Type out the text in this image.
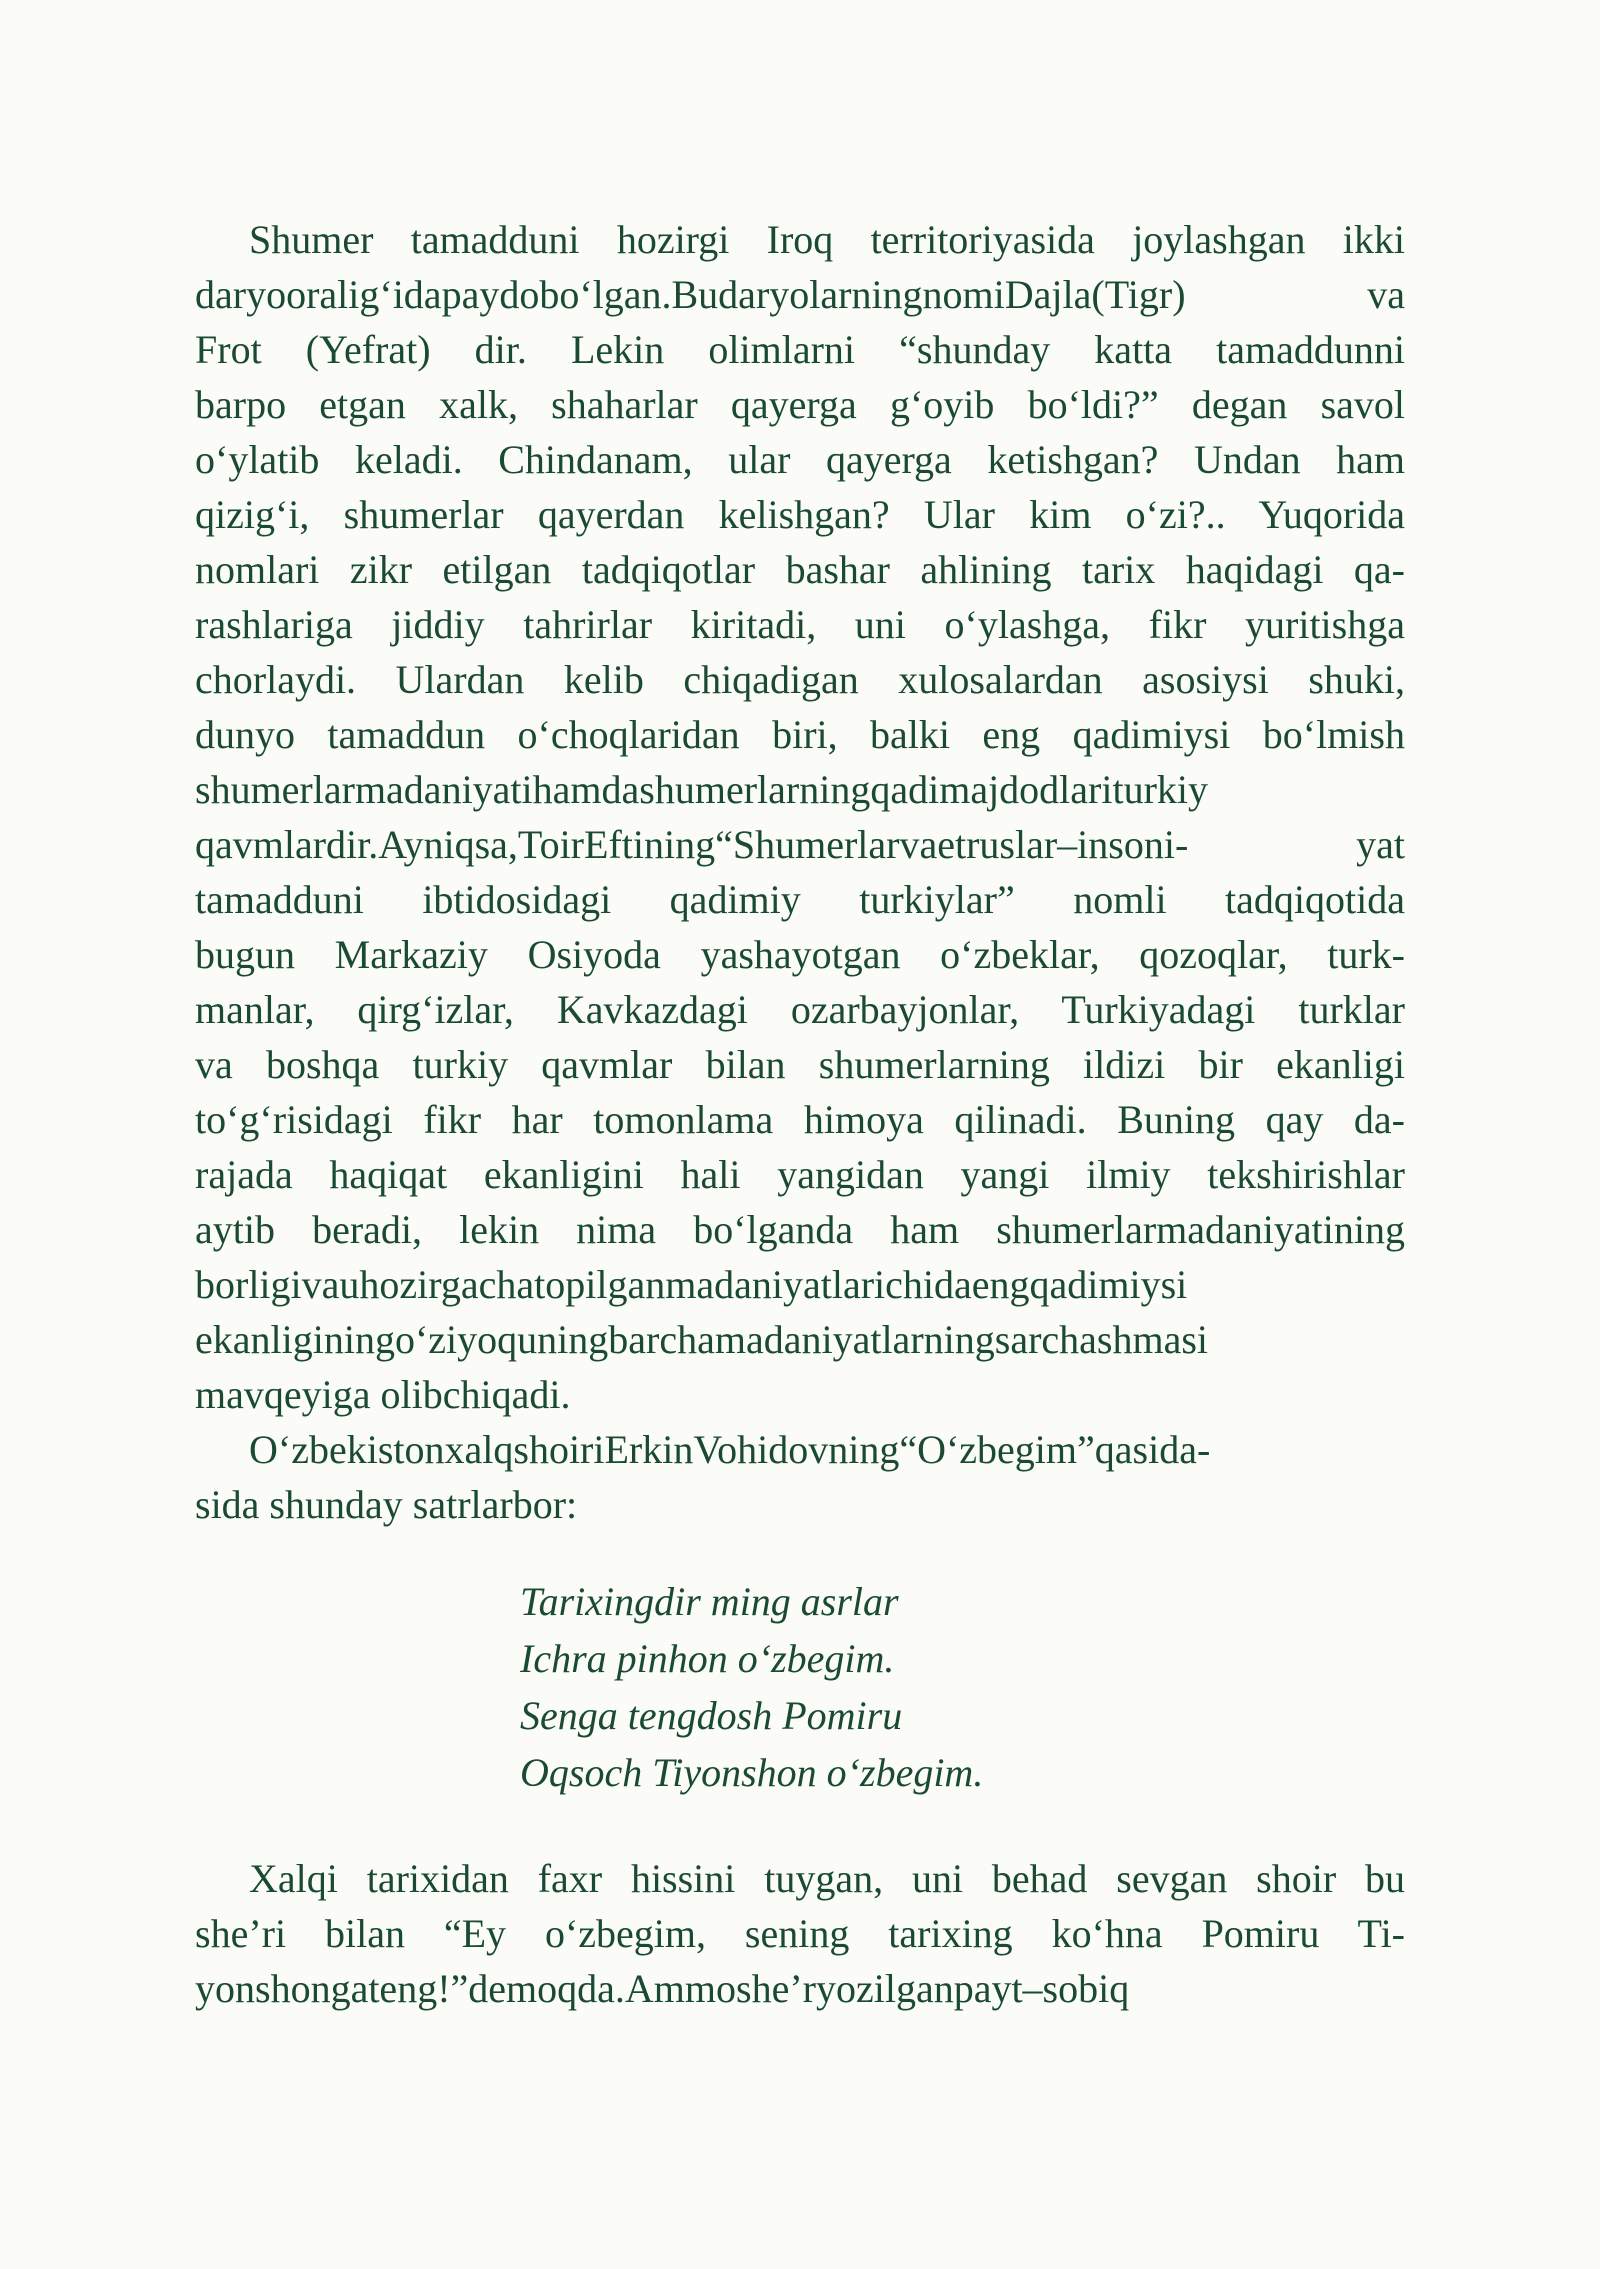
Shumer tamadduni hozirgi Iroq territoriyasida joylashgan ikki
daryooralig‘idapaydobo‘lgan.BudaryolarningnomiDajla(Tigr) va
Frot (Yefrat) dir. Lekin olimlarni “shunday katta tamaddunni
barpo etgan xalk, shaharlar qayerga g‘oyib bo‘ldi?” degan savol
o‘ylatib keladi. Chindanam, ular qayerga ketishgan? Undan ham
qizig‘i, shumerlar qayerdan kelishgan? Ular kim o‘zi?.. Yuqorida
nomlari zikr etilgan tadqiqotlar bashar ahlining tarix haqidagi qa-
rashlariga jiddiy tahrirlar kiritadi, uni o‘ylashga, fikr yuritishga
chorlaydi. Ulardan kelib chiqadigan xulosalardan asosiysi shuki,
dunyo tamaddun o‘choqlaridan biri, balki eng qadimiysi bo‘lmish
shumerlarmadaniyatihamdashumerlarningqadimajdodlariturkiy
qavmlardir.Ayniqsa,ToirEftining“Shumerlarvaetruslar–insoni- yat
tamadduni ibtidosidagi qadimiy turkiylar” nomli tadqiqotida
bugun Markaziy Osiyoda yashayotgan o‘zbeklar, qozoqlar, turk-
manlar, qirg‘izlar, Kavkazdagi ozarbayjonlar, Turkiyadagi turklar
va boshqa turkiy qavmlar bilan shumerlarning ildizi bir ekanligi
to‘g‘risidagi fikr har tomonlama himoya qilinadi. Buning qay da-
rajada haqiqat ekanligini hali yangidan yangi ilmiy tekshirishlar
aytib beradi, lekin nima bo‘lganda ham shumerlarmadaniyatining
borligivauhozirgachatopilganmadaniyatlarichidaengqadimiysi
ekanliginingo‘ziyoquningbarchamadaniyatlarningsarchashmasi
mavqeyiga olibchiqadi.
O‘zbekistonxalqshoiriErkinVohidovning“O‘zbegim”qasida-
sida shunday satrlarbor:
Tarixingdir ming asrlar
Ichra pinhon o‘zbegim.
Senga tengdosh Pomiru
Oqsoch Tiyonshon o‘zbegim.
Xalqi tarixidan faxr hissini tuygan, uni behad sevgan shoir bu
she’ri bilan “Ey o‘zbegim, sening tarixing ko‘hna Pomiru Ti-
yonshongateng!”demoqda.Ammoshe’ryozilganpayt–sobiq
